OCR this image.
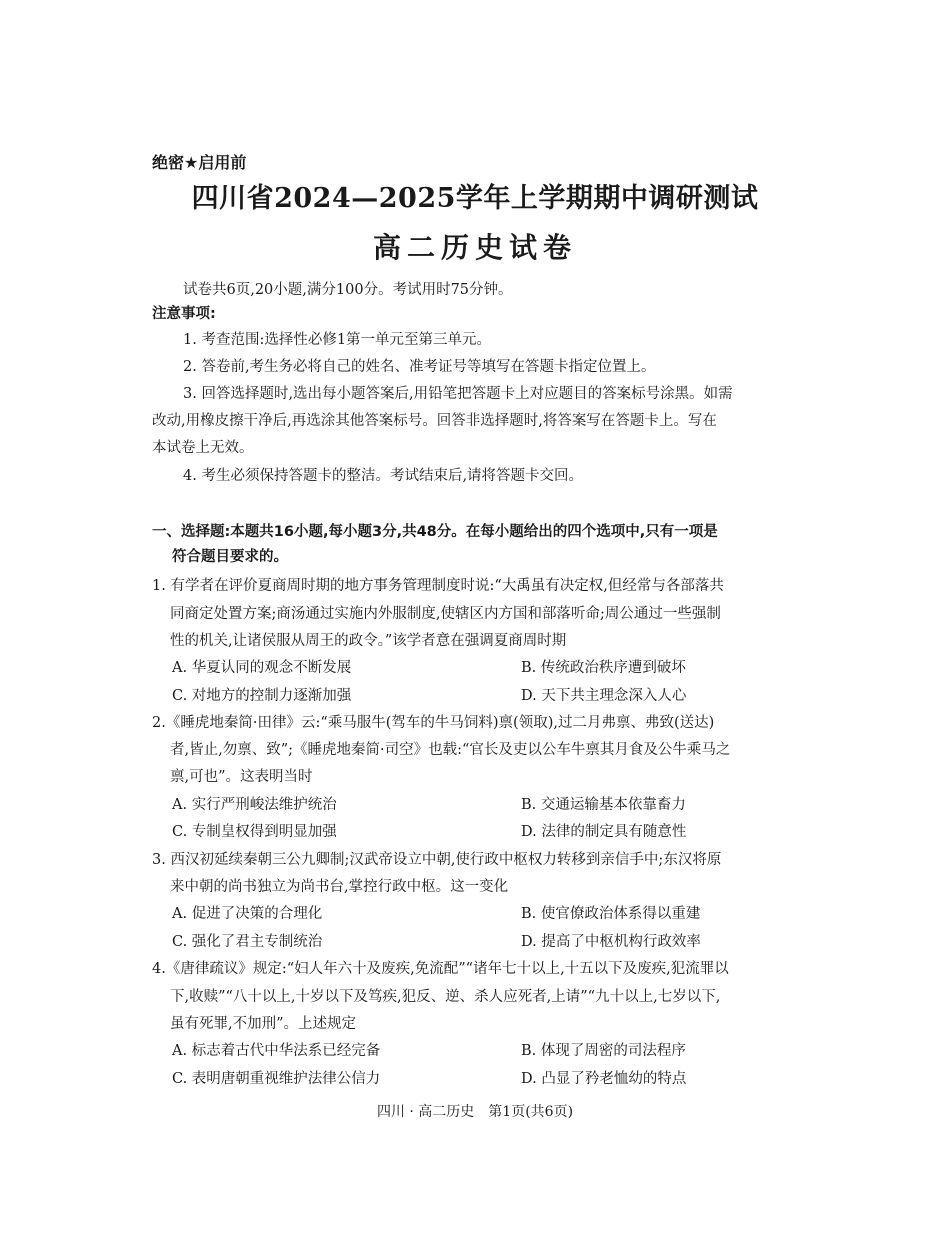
绝密★启用前
四川省2024—2025学年上学期期中调研测试
高二历史试卷
试卷共6页,20小题,满分100分。考试用时75分钟。
注意事项:
1. 考查范围:选择性必修1第一单元至第三单元。
2. 答卷前,考生务必将自己的姓名、准考证号等填写在答题卡指定位置上。
3. 回答选择题时,选出每小题答案后,用铅笔把答题卡上对应题目的答案标号涂黑。如需
改动,用橡皮擦干净后,再选涂其他答案标号。回答非选择题时,将答案写在答题卡上。写在
本试卷上无效。
4. 考生必须保持答题卡的整洁。考试结束后,请将答题卡交回。
一、选择题:本题共16小题,每小题3分,共48分。在每小题给出的四个选项中,只有一项是
符合题目要求的。
1. 有学者在评价夏商周时期的地方事务管理制度时说:“大禹虽有决定权,但经常与各部落共
同商定处置方案;商汤通过实施内外服制度,使辖区内方国和部落听命;周公通过一些强制
性的机关,让诸侯服从周王的政令。”该学者意在强调夏商周时期
A. 华夏认同的观念不断发展	B. 传统政治秩序遭到破坏
C. 对地方的控制力逐渐加强	D. 天下共主理念深入人心
2.《睡虎地秦简·田律》云:“乘马服牛(驾车的牛马饲料)禀(领取),过二月弗禀、弗致(送达)
者,皆止,勿禀、致”;《睡虎地秦简·司空》也载:“官长及吏以公车牛禀其月食及公牛乘马之
禀,可也”。这表明当时
A. 实行严刑峻法维护统治	B. 交通运输基本依靠畜力
C. 专制皇权得到明显加强	D. 法律的制定具有随意性
3. 西汉初延续秦朝三公九卿制;汉武帝设立中朝,使行政中枢权力转移到亲信手中;东汉将原
来中朝的尚书独立为尚书台,掌控行政中枢。这一变化
A. 促进了决策的合理化	B. 使官僚政治体系得以重建
C. 强化了君主专制统治	D. 提高了中枢机构行政效率
4.《唐律疏议》规定:“妇人年六十及废疾,免流配”“诸年七十以上,十五以下及废疾,犯流罪以
下,收赎”“八十以上,十岁以下及笃疾,犯反、逆、杀人应死者,上请”“九十以上,七岁以下,
虽有死罪,不加刑”。上述规定
A. 标志着古代中华法系已经完备	B. 体现了周密的司法程序
C. 表明唐朝重视维护法律公信力	D. 凸显了矜老恤幼的特点
四川 · 高二历史　第1页(共6页)
